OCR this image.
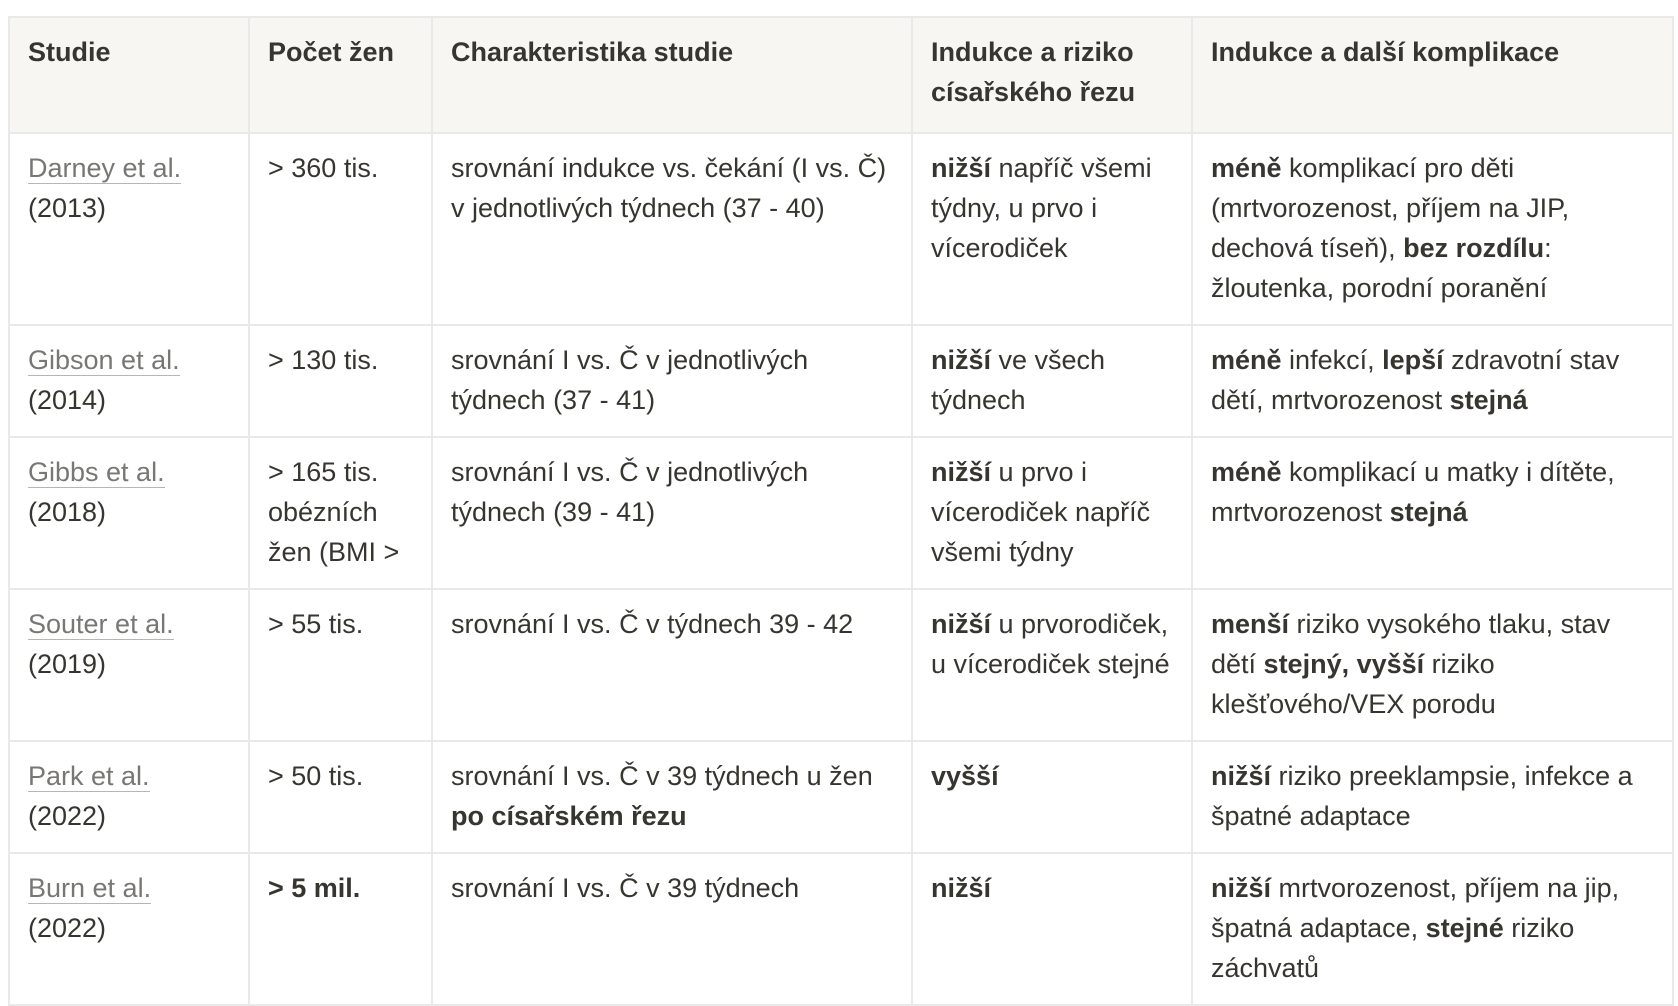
Studie	Počet žen	Charakteristika studie	Indukce a riziko císařského řezu	Indukce a další komplikace
Darney et al.
(2013)	> 360 tis.	srovnání indukce vs. čekání (I vs. Č) v jednotlivých týdnech (37 - 40)	nižší napříč všemi týdny, u prvo i vícerodiček	méně komplikací pro děti (mrtvorozenost, příjem na JIP, dechová tíseň), bez rozdílu: žloutenka, porodní poranění
Gibson et al.
(2014)	> 130 tis.	srovnání I vs. Č v jednotlivých týdnech (37 - 41)	nižší ve všech týdnech	méně infekcí, lepší zdravotní stav dětí, mrtvorozenost stejná
Gibbs et al.
(2018)	> 165 tis. obézních žen (BMI >	srovnání I vs. Č v jednotlivých týdnech (39 - 41)	nižší u prvo i vícerodiček napříč všemi týdny	méně komplikací u matky i dítěte, mrtvorozenost stejná
Souter et al.
(2019)	> 55 tis.	srovnání I vs. Č v týdnech 39 - 42	nižší u prvorodiček, u vícerodiček stejné	menší riziko vysokého tlaku, stav dětí stejný, vyšší riziko klešťového/VEX porodu
Park et al.
(2022)	> 50 tis.	srovnání I vs. Č v 39 týdnech u žen po císařském řezu	vyšší	nižší riziko preeklampsie, infekce a špatné adaptace
Burn et al.
(2022)	> 5 mil.	srovnání I vs. Č v 39 týdnech	nižší	nižší mrtvorozenost, příjem na jip, špatná adaptace, stejné riziko záchvatů
